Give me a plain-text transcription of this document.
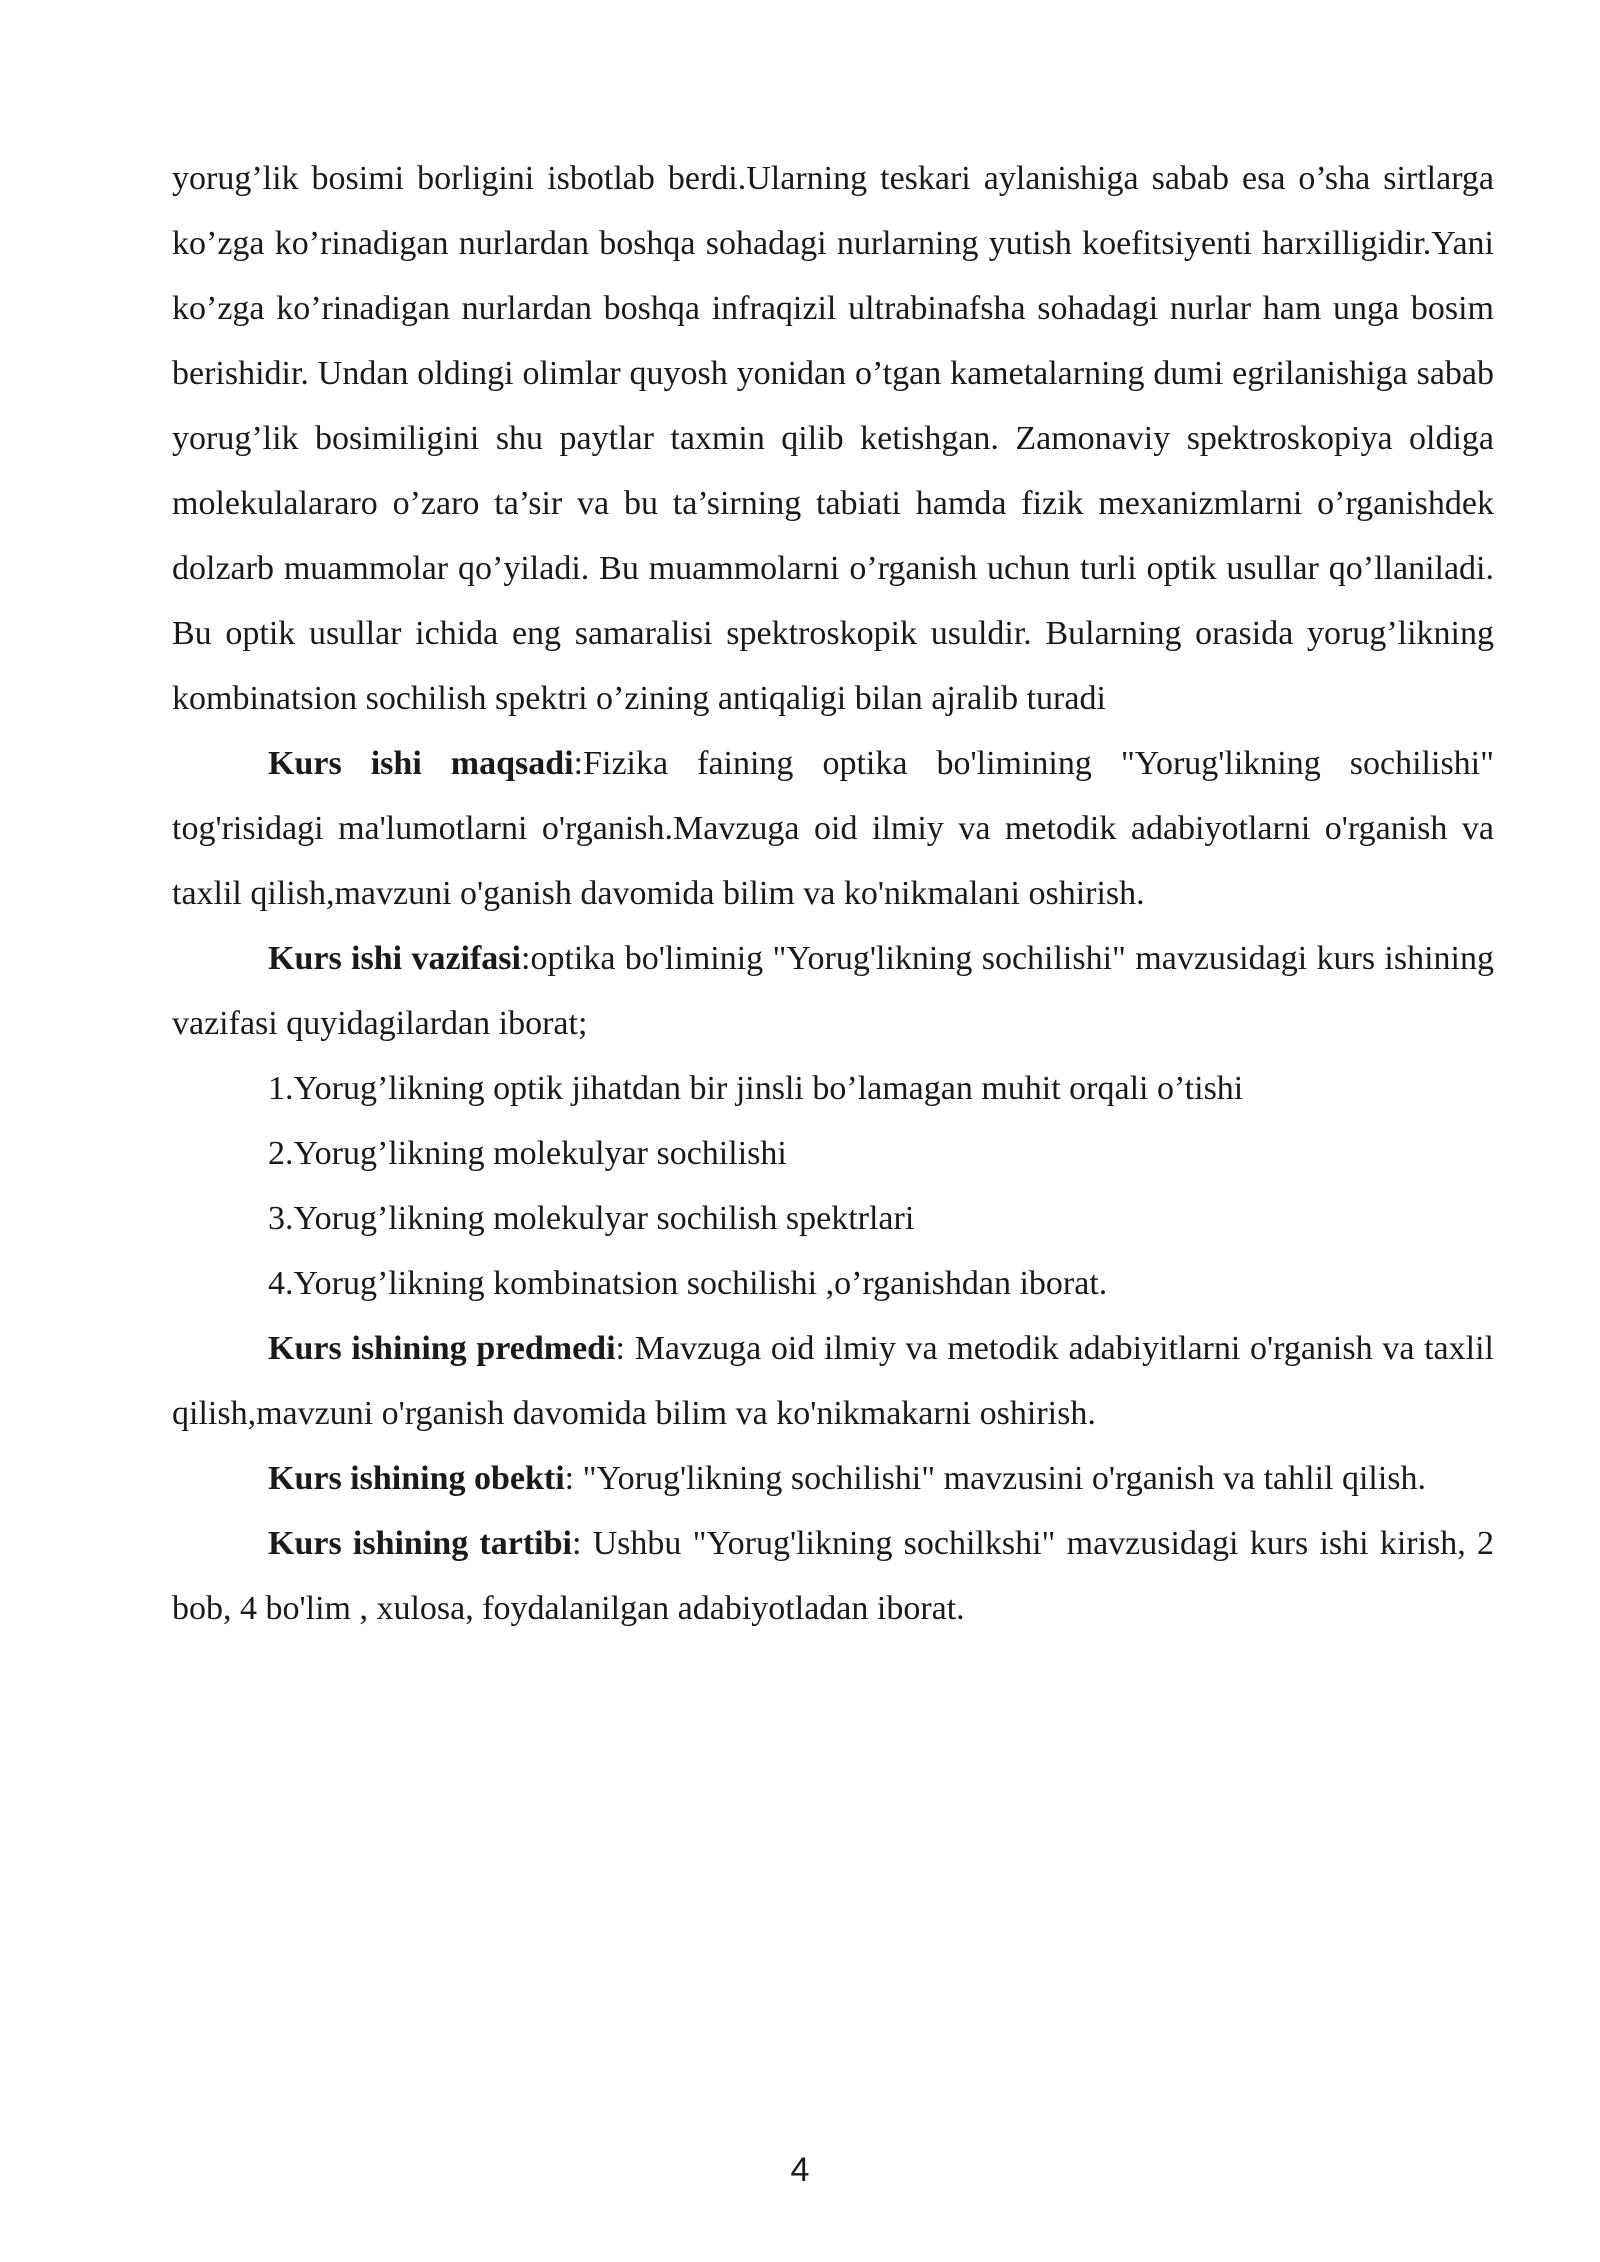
yorug’lik bosimi borligini isbotlab berdi.Ularning teskari aylanishiga sabab esa o’sha sirtlarga ko’zga ko’rinadigan nurlardan boshqa sohadagi nurlarning yutish koefitsiyenti harxilligidir.Yani ko’zga ko’rinadigan nurlardan boshqa infraqizil ultrabinafsha sohadagi nurlar ham unga bosim berishidir. Undan oldingi olimlar quyosh yonidan o’tgan kametalarning dumi egrilanishiga sabab yorug’lik bosimiligini shu paytlar taxmin qilib ketishgan. Zamonaviy spektroskopiya oldiga molekulalararo o’zaro ta’sir va bu ta’sirning tabiati hamda fizik mexanizmlarni o’rganishdek dolzarb muammolar qo’yiladi. Bu muammolarni o’rganish uchun turli optik usullar qo’llaniladi. Bu optik usullar ichida eng samaralisi spektroskopik usuldir. Bularning orasida yorug’likning kombinatsion sochilish spektri o’zining antiqaligi bilan ajralib turadi

Kurs ishi maqsadi:Fizika faining optika bo'limining "Yorug'likning sochilishi" tog'risidagi ma'lumotlarni o'rganish.Mavzuga oid ilmiy va metodik adabiyotlarni o'rganish va taxlil qilish,mavzuni o'ganish davomida bilim va ko'nikmalani oshirish.

Kurs ishi vazifasi:optika bo'liminig "Yorug'likning sochilishi" mavzusidagi kurs ishining vazifasi quyidagilardan iborat;

1.Yorug’likning optik jihatdan bir jinsli bo’lamagan muhit orqali o’tishi

2.Yorug’likning molekulyar sochilishi

3.Yorug’likning molekulyar sochilish spektrlari

4.Yorug’likning kombinatsion sochilishi ,o’rganishdan iborat.

Kurs ishining predmedi: Mavzuga oid ilmiy va metodik adabiyitlarni o'rganish va taxlil qilish,mavzuni o'rganish davomida bilim va ko'nikmakarni oshirish.

Kurs ishining obekti: "Yorug'likning sochilishi" mavzusini o'rganish va tahlil qilish.

Kurs ishining tartibi: Ushbu "Yorug'likning sochilkshi" mavzusidagi kurs ishi kirish, 2 bob, 4 bo'lim , xulosa, foydalanilgan adabiyotladan iborat.

4
